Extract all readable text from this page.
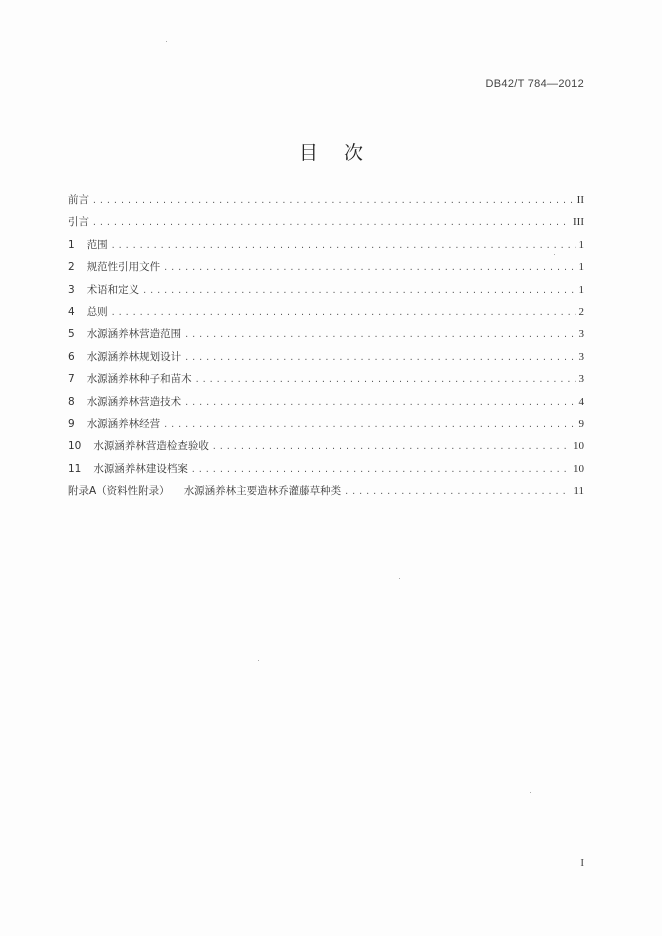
DB42/T 784—2012
目次
前言 .....	II
引言 .....	III
1 范围 .....	1
2 规范性引用文件 .....	1
3 术语和定义 .....	1
4 总则 .....	2
5 水源涵养林营造范围 .....	3
6 水源涵养林规划设计 .....	3
7 水源涵养林种子和苗木 .....	3
8 水源涵养林营造技术 .....	4
9 水源涵养林经营 .....	9
10 水源涵养林营造检查验收 .....	10
11 水源涵养林建设档案 .....	10
附录A（资料性附录） 水源涵养林主要造林乔灌藤草种类 .....	11
I
